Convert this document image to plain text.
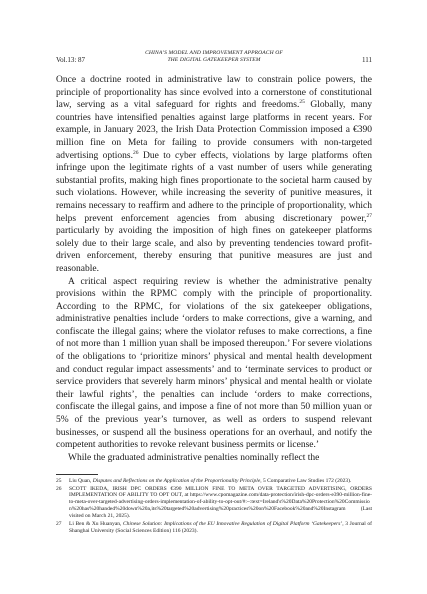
Vol.13: 87
CHINA’S MODEL AND IMPROVEMENT APPROACH OF
THE DIGITAL GATEKEEPER SYSTEM	111

Once a doctrine rooted in administrative law to constrain police powers, the principle of proportionality has since evolved into a cornerstone of constitutional law, serving as a vital safeguard for rights and freedoms.$^{25}$ Globally, many countries have intensified penalties against large platforms in recent years. For example, in January 2023, the Irish Data Protection Commission imposed a €390 million fine on Meta for failing to provide consumers with non-targeted advertising options.$^{26}$ Due to cyber effects, violations by large platforms often infringe upon the legitimate rights of a vast number of users while generating substantial profits, making high fines proportionate to the societal harm caused by such violations. However, while increasing the severity of punitive measures, it remains necessary to reaffirm and adhere to the principle of proportionality, which helps prevent enforcement agencies from abusing discretionary power,$^{27}$ particularly by avoiding the imposition of high fines on gatekeeper platforms solely due to their large scale, and also by preventing tendencies toward profit-driven enforcement, thereby ensuring that punitive measures are just and reasonable.

A critical aspect requiring review is whether the administrative penalty provisions within the RPMC comply with the principle of proportionality. According to the RPMC, for violations of the six gatekeeper obligations, administrative penalties include ‘orders to make corrections, give a warning, and confiscate the illegal gains; where the violator refuses to make corrections, a fine of not more than 1 million yuan shall be imposed thereupon.’ For severe violations of the obligations to ‘prioritize minors’ physical and mental health development and conduct regular impact assessments’ and to ‘terminate services to product or service providers that severely harm minors’ physical and mental health or violate their lawful rights’, the penalties can include ‘orders to make corrections, confiscate the illegal gains, and impose a fine of not more than 50 million yuan or 5% of the previous year’s turnover, as well as orders to suspend relevant businesses, or suspend all the business operations for an overhaul, and notify the competent authorities to revoke relevant business permits or license.’

While the graduated administrative penalties nominally reflect the

25 Liu Quan, Disputes and Reflections on the Application of the Proportionality Principle, 5 Comparative Law Studies 172 (2023).
26 SCOTT IKEDA, IRISH DPC ORDERS €390 MILLION FINE TO META OVER TARGETED ADVERTISING, ORDERS IMPLEMENTATION OF ABILITY TO OPT OUT, at https://www.cpomagazine.com/data-protection/irish-dpc-orders-e390-million-fine-to-meta-over-targeted-advertising-orders-implementation-of-ability-to-opt-out/#:~:text=Ireland's%20Data%20Protection%20Commission%20has%20handed%20down%20a,its%20targeted%20advertising%20practices%20on%20Facebook%20and%20Instagram (Last visited on March 21, 2025).
27 Li Ben & Xu Huanyan, Chinese Solution: Implications of the EU Innovative Regulation of Digital Platform ‘Gatekeepers’, 3 Journal of Shanghai University (Social Sciences Edition) 116 (2023).
